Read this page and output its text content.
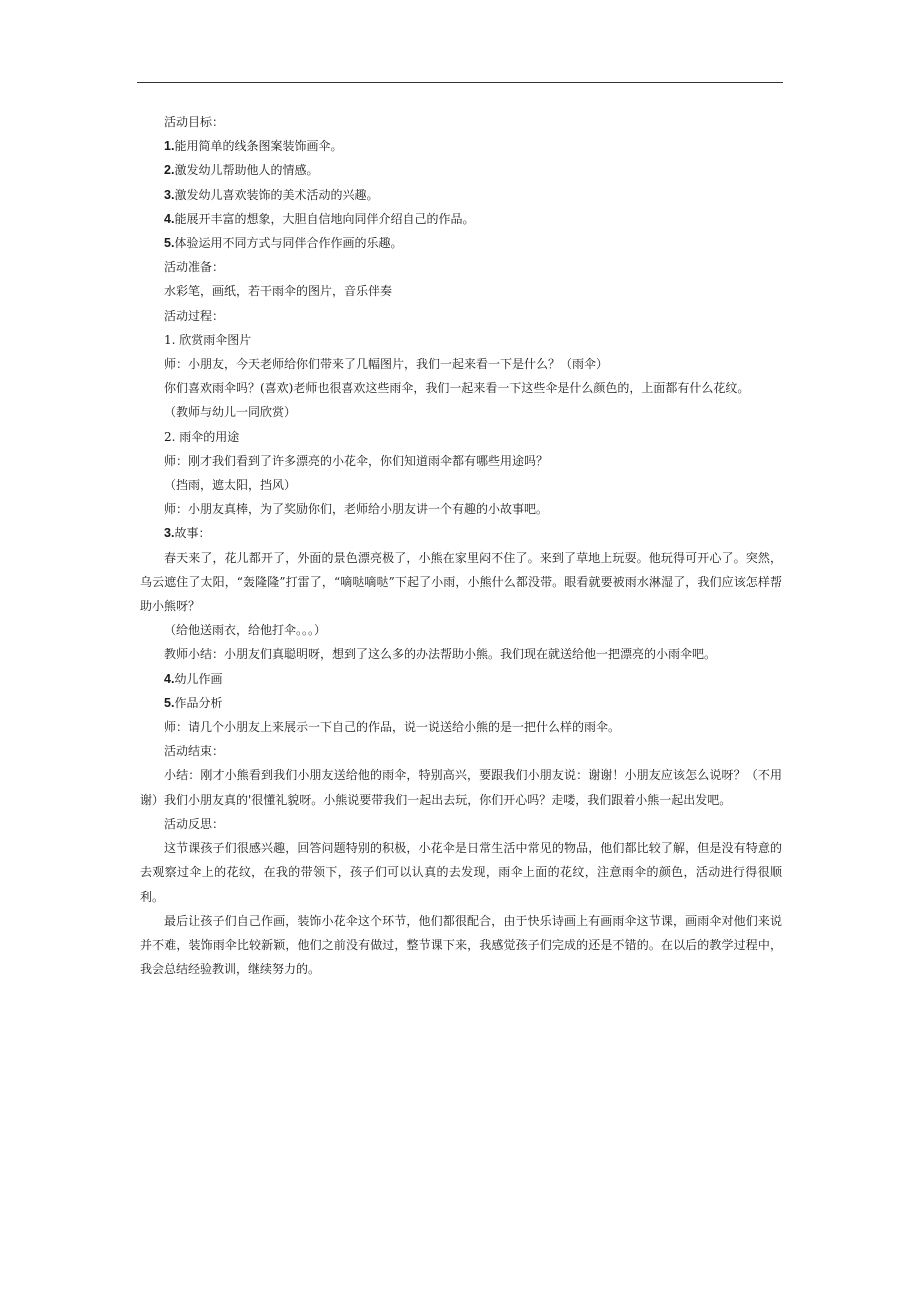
活动目标：

1.能用简单的线条图案装饰画伞。

2.激发幼儿帮助他人的情感。

3.激发幼儿喜欢装饰的美术活动的兴趣。

4.能展开丰富的想象，大胆自信地向同伴介绍自己的作品。

5.体验运用不同方式与同伴合作作画的乐趣。

活动准备：

水彩笔，画纸，若干雨伞的图片，音乐伴奏

活动过程：

1. 欣赏雨伞图片

师：小朋友，今天老师给你们带来了几幅图片，我们一起来看一下是什么？（雨伞）

你们喜欢雨伞吗？(喜欢)老师也很喜欢这些雨伞，我们一起来看一下这些伞是什么颜色的，上面都有什么花纹。

（教师与幼儿一同欣赏）

2. 雨伞的用途

师：刚才我们看到了许多漂亮的小花伞，你们知道雨伞都有哪些用途吗？

（挡雨，遮太阳，挡风）

师：小朋友真棒，为了奖励你们，老师给小朋友讲一个有趣的小故事吧。

3.故事：

春天来了，花儿都开了，外面的景色漂亮极了，小熊在家里闷不住了。来到了草地上玩耍。他玩得可开心了。突然，乌云遮住了太阳，“轰隆隆”打雷了，“嘀哒嘀哒”下起了小雨，小熊什么都没带。眼看就要被雨水淋湿了，我们应该怎样帮助小熊呀？

（给他送雨衣，给他打伞。。。）

教师小结：小朋友们真聪明呀，想到了这么多的办法帮助小熊。我们现在就送给他一把漂亮的小雨伞吧。

4.幼儿作画

5.作品分析

师：请几个小朋友上来展示一下自己的作品，说一说送给小熊的是一把什么样的雨伞。

活动结束：

小结：刚才小熊看到我们小朋友送给他的雨伞，特别高兴，要跟我们小朋友说：谢谢！小朋友应该怎么说呀？（不用谢）我们小朋友真的'很懂礼貌呀。小熊说要带我们一起出去玩，你们开心吗？走喽，我们跟着小熊一起出发吧。

活动反思：

这节课孩子们很感兴趣，回答问题特别的积极，小花伞是日常生活中常见的物品，他们都比较了解，但是没有特意的去观察过伞上的花纹，在我的带领下，孩子们可以认真的去发现，雨伞上面的花纹，注意雨伞的颜色，活动进行得很顺利。

最后让孩子们自己作画，装饰小花伞这个环节，他们都很配合，由于快乐诗画上有画雨伞这节课，画雨伞对他们来说并不难，装饰雨伞比较新颖，他们之前没有做过，整节课下来，我感觉孩子们完成的还是不错的。在以后的教学过程中，我会总结经验教训，继续努力的。
